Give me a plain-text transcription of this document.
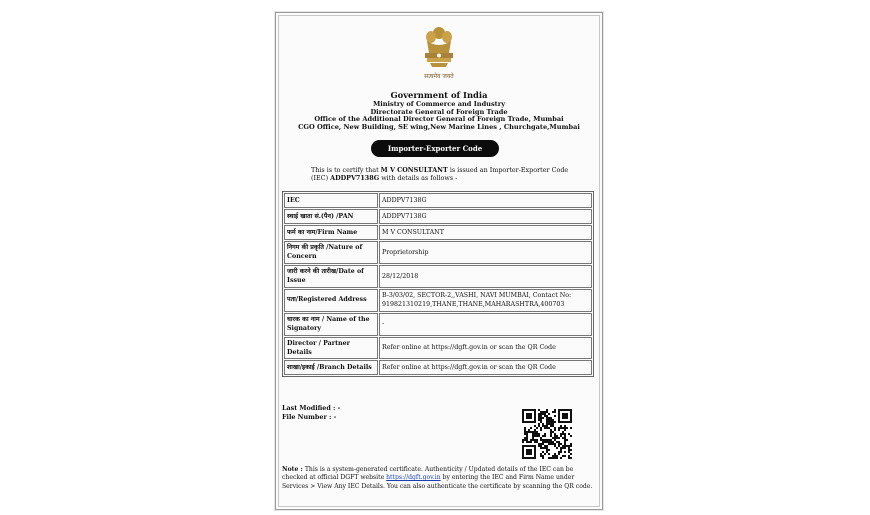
सत्यमेव जयते
Government of India
Ministry of Commerce and Industry
Directorate General of Foreign Trade
Office of the Additional Director General of Foreign Trade, Mumbai
CGO Office, New Building, SE wing,New Marine Lines , Churchgate,Mumbai
Importer-Exporter Code
This is to certify that M V CONSULTANT is issued an Importer-Exporter Code (IEC) ADDPV7138G with details as follows -
IEC	ADDPV7138G
स्थाई खाता सं.(पैन) /PAN	ADDPV7138G
फर्म का नाम/Firm Name	M V CONSULTANT
निगम की प्रकृति /Nature of Concern	Proprietorship
जारी करने की तारीख/Date of Issue	28/12/2018
पता/Registered Address	B-3/03/02, SECTOR-2,,VASHI, NAVI MUMBAI, Contact No: 919821310219,THANE,THANE,MAHARASHTRA,400703
धारक का नाम / Name of the Signatory	-
Director / Partner Details	Refer online at https://dgft.gov.in or scan the QR Code
शाखा/इकाई /Branch Details	Refer online at https://dgft.gov.in or scan the QR Code
Last Modified : -
File Number : -
Note : This is a system-generated certificate. Authenticity / Updated details of the IEC can be checked at official DGFT website https://dgft.gov.in by entering the IEC and Firm Name under Services > View Any IEC Details. You can also authenticate the certificate by scanning the QR code.
